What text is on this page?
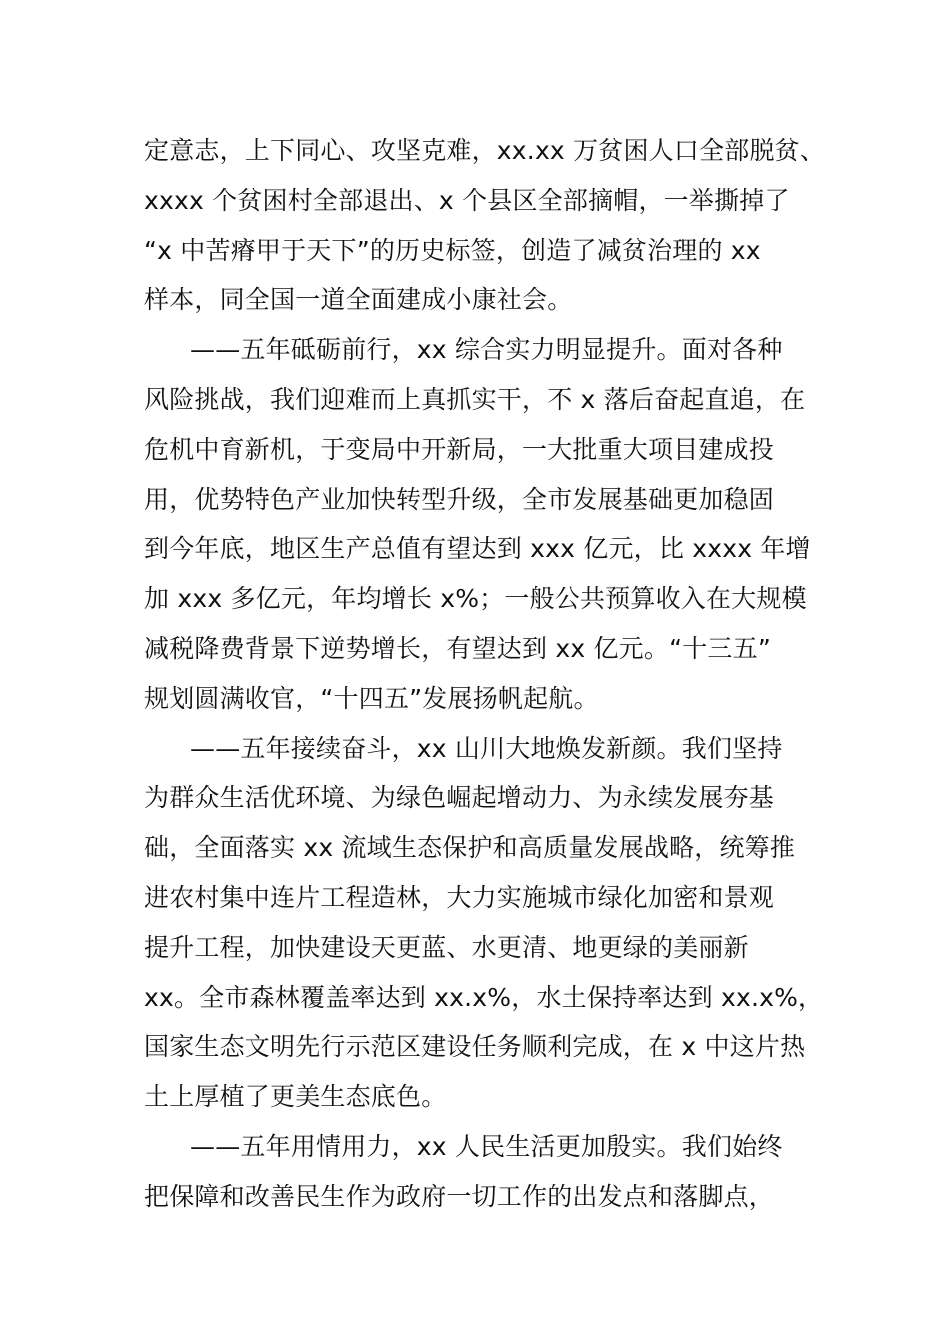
定意志，上下同心、攻坚克难，xx.xx 万贫困人口全部脱贫、
xxxx 个贫困村全部退出、x 个县区全部摘帽，一举撕掉了
“x 中苦瘠甲于天下”的历史标签，创造了减贫治理的 xx
样本，同全国一道全面建成小康社会。
——五年砥砺前行，xx 综合实力明显提升。面对各种
风险挑战，我们迎难而上真抓实干，不 x 落后奋起直追，在
危机中育新机，于变局中开新局，一大批重大项目建成投
用，优势特色产业加快转型升级，全市发展基础更加稳固
到今年底，地区生产总值有望达到 xxx 亿元，比 xxxx 年增
加 xxx 多亿元，年均增长 x%；一般公共预算收入在大规模
减税降费背景下逆势增长，有望达到 xx 亿元。“十三五”
规划圆满收官，“十四五”发展扬帆起航。
——五年接续奋斗，xx 山川大地焕发新颜。我们坚持
为群众生活优环境、为绿色崛起增动力、为永续发展夯基
础，全面落实 xx 流域生态保护和高质量发展战略，统筹推
进农村集中连片工程造林，大力实施城市绿化加密和景观
提升工程，加快建设天更蓝、水更清、地更绿的美丽新
xx。全市森林覆盖率达到 xx.x%，水土保持率达到 xx.x%，
国家生态文明先行示范区建设任务顺利完成，在 x 中这片热
土上厚植了更美生态底色。
——五年用情用力，xx 人民生活更加殷实。我们始终
把保障和改善民生作为政府一切工作的出发点和落脚点，
